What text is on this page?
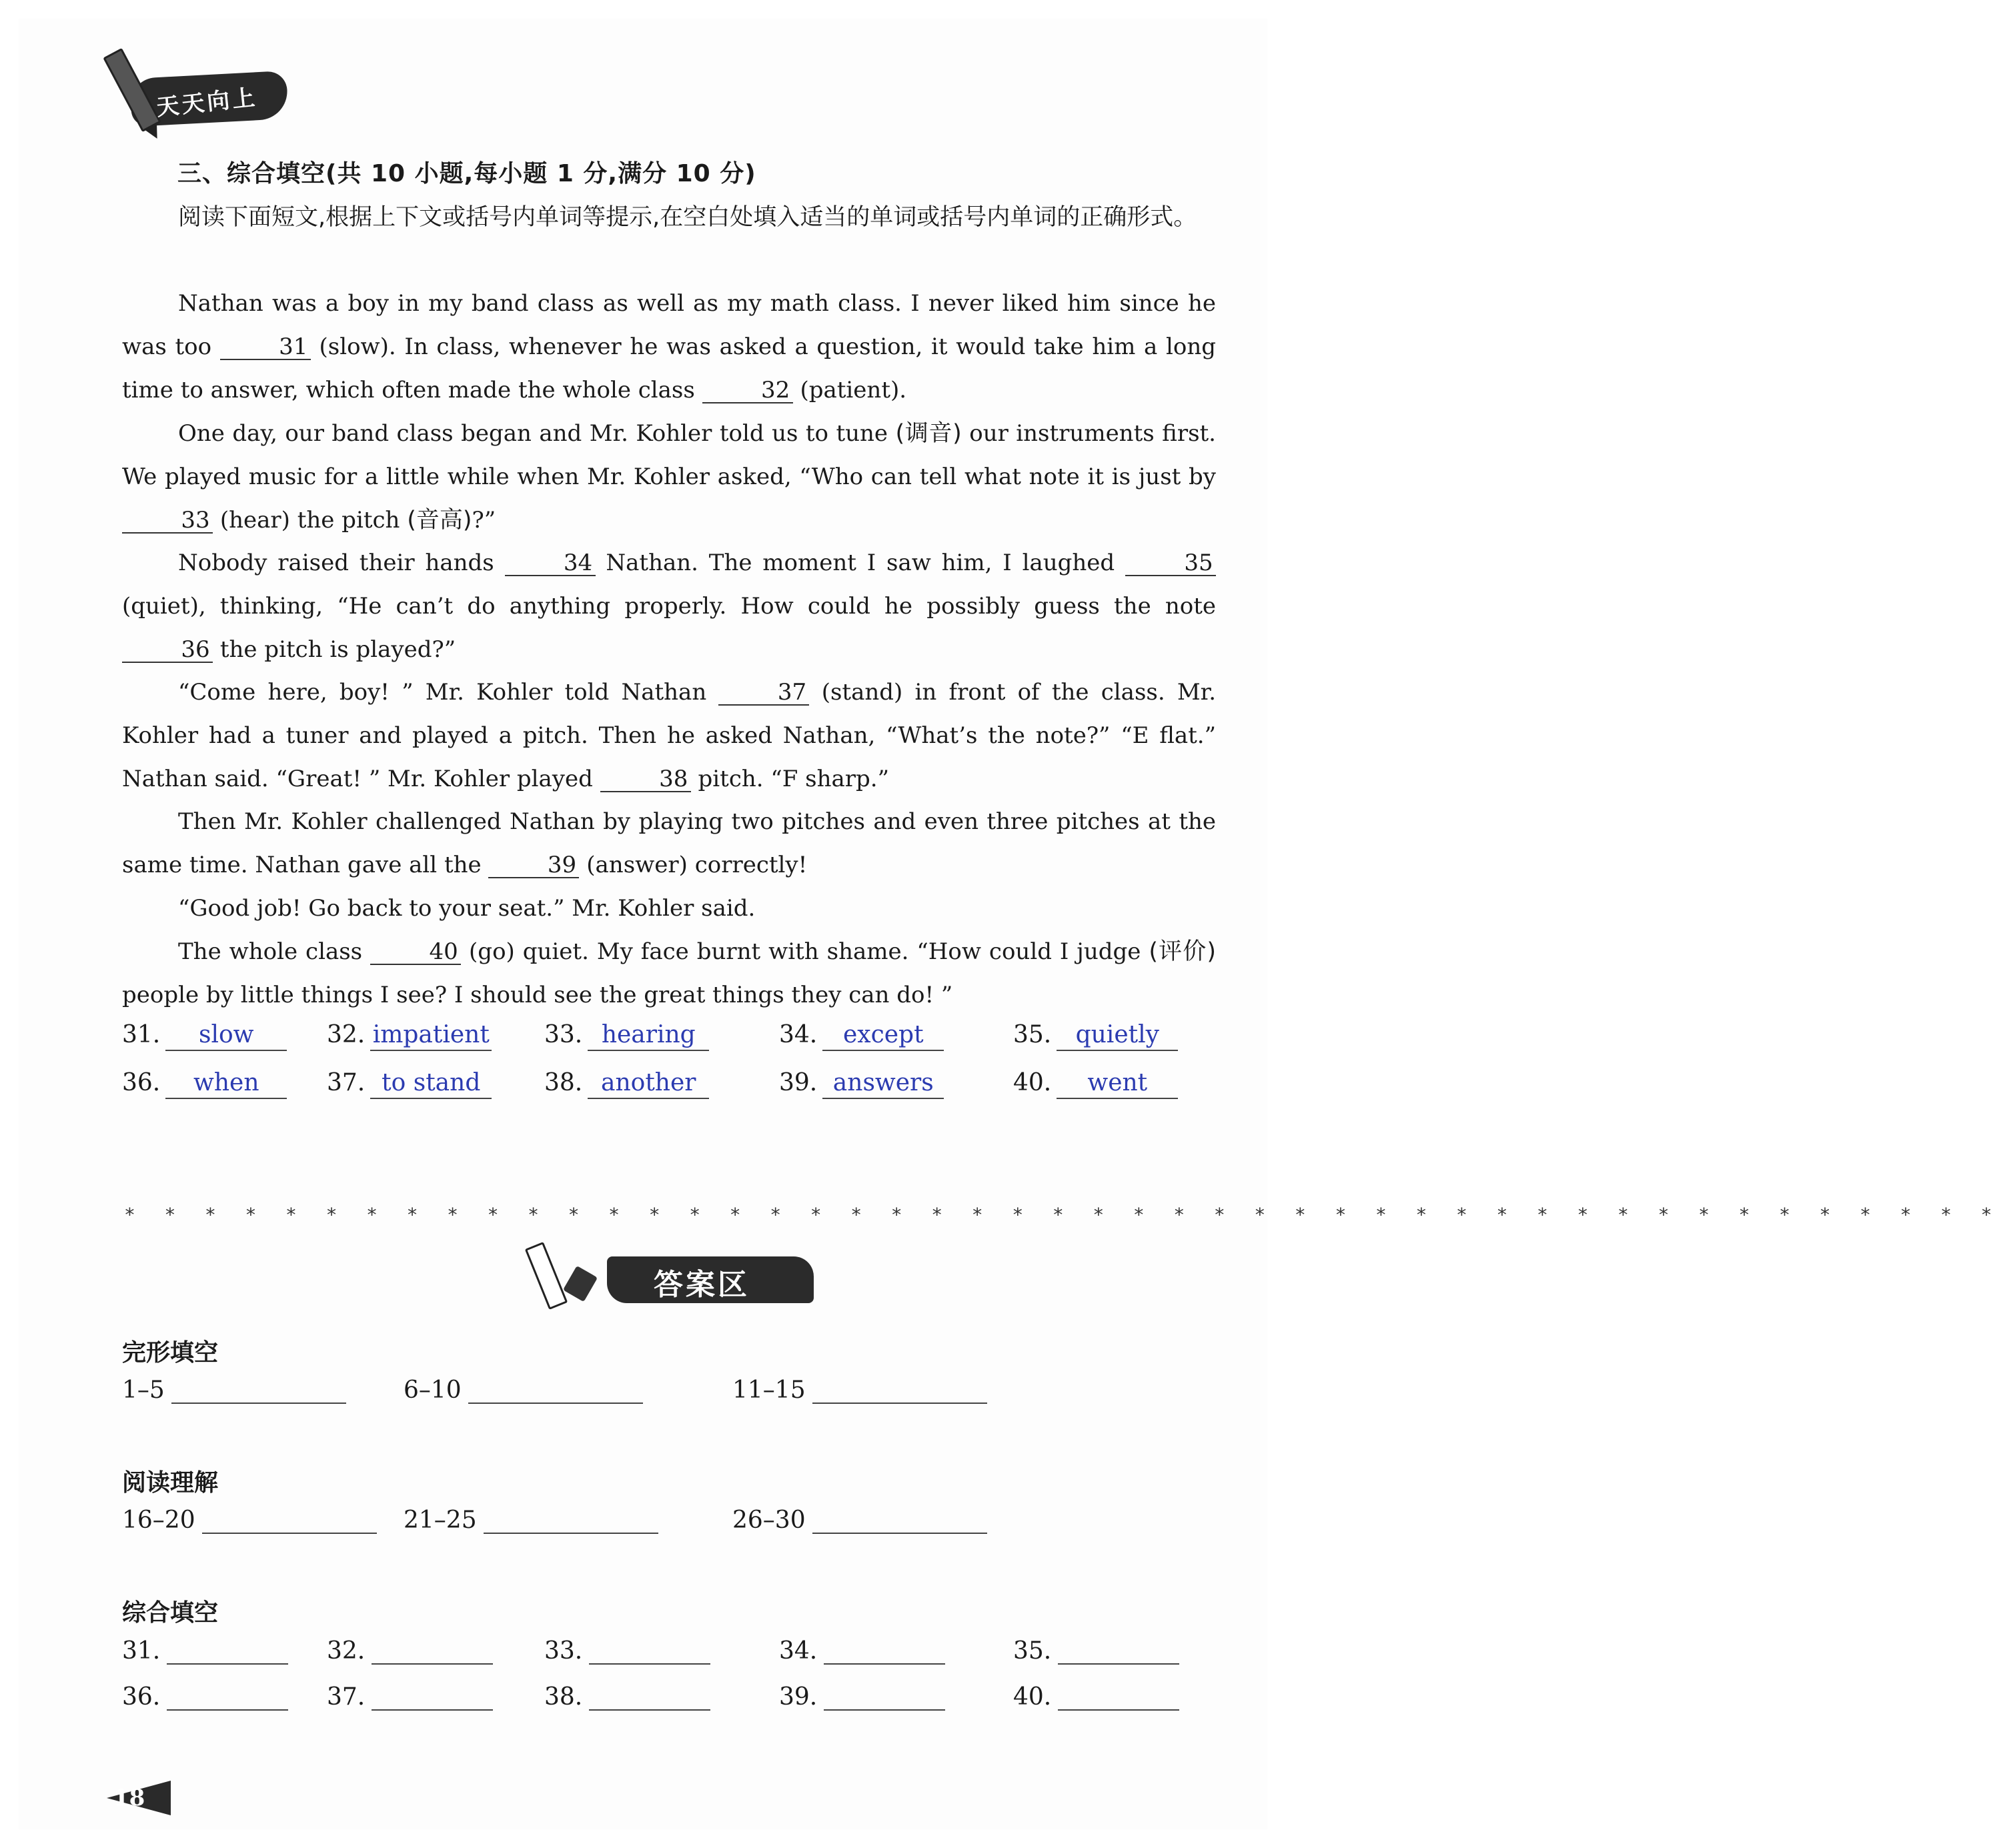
天天向上
三、综合填空(共 10 小题,每小题 1 分,满分 10 分)
阅读下面短文,根据上下文或括号内单词等提示,在空白处填入适当的单词或括号内单词的正确形式。
Nathan was a boy in my band class as well as my math class. I never liked him since he was too	31 (slow). In class, whenever he was asked a question, it would take him a long time to answer, which often made the whole class	32 (patient).
One day, our band class began and Mr. Kohler told us to tune (调音) our instruments first. We played music for a little while when Mr. Kohler asked, “Who can tell what note it is just by 33 (hear) the pitch (音高)?”
Nobody raised their hands	34 Nathan. The moment I saw him, I laughed	35 (quiet), thinking, “He can’t do anything properly. How could he possibly guess the note 36 the pitch is played?”
“Come here, boy! ” Mr. Kohler told Nathan	37 (stand) in front of the class. Mr. Kohler had a tuner and played a pitch. Then he asked Nathan, “What’s the note?” “E flat.” Nathan said. “Great! ” Mr. Kohler played	38 pitch. “F sharp.”
Then Mr. Kohler challenged Nathan by playing two pitches and even three pitches at the same time. Nathan gave all the	39 (answer) correctly!
“Good job! Go back to your seat.” Mr. Kohler said.
The whole class	40 (go) quiet. My face burnt with shame. “How could I judge (评价) people by little things I see? I should see the great things they can do! ”
31. slow	32. impatient 33. hearing	34. except	35. quietly
36. when	37. to stand	38. another	39. answers	40. went
* * * * * * * * * * * * * * * * * * * * * * * * * * * * * * * * * * * * * * * * * * * * * * *
答案区
完形填空
1–5	6–10	11–15
阅读理解
16–20	21–25	26–30
综合填空
31.	32.	33.	34.	35.
36.	37.	38.	39.	40.
18
